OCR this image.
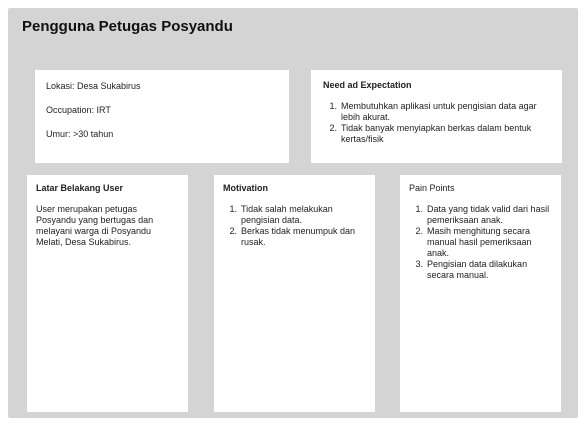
Pengguna Petugas Posyandu

Lokasi: Desa Sukabirus

Occupation: IRT

Umur: >30 tahun

Need ad Expectation
1. Membutuhkan aplikasi untuk pengisian data agar lebih akurat.
2. Tidak banyak menyiapkan berkas dalam bentuk kertas/fisik
Latar Belakang User

User merupakan petugas Posyandu yang bertugas dan melayani warga di Posyandu Melati, Desa Sukabirus.

Motivation
1. Tidak salah melakukan pengisian data.
2. Berkas tidak menumpuk dan rusak.
Pain Points
1. Data yang tidak valid dari hasil pemeriksaan anak.
2. Masih menghitung secara manual hasil pemeriksaan anak.
3. Pengisian data dilakukan secara manual.
